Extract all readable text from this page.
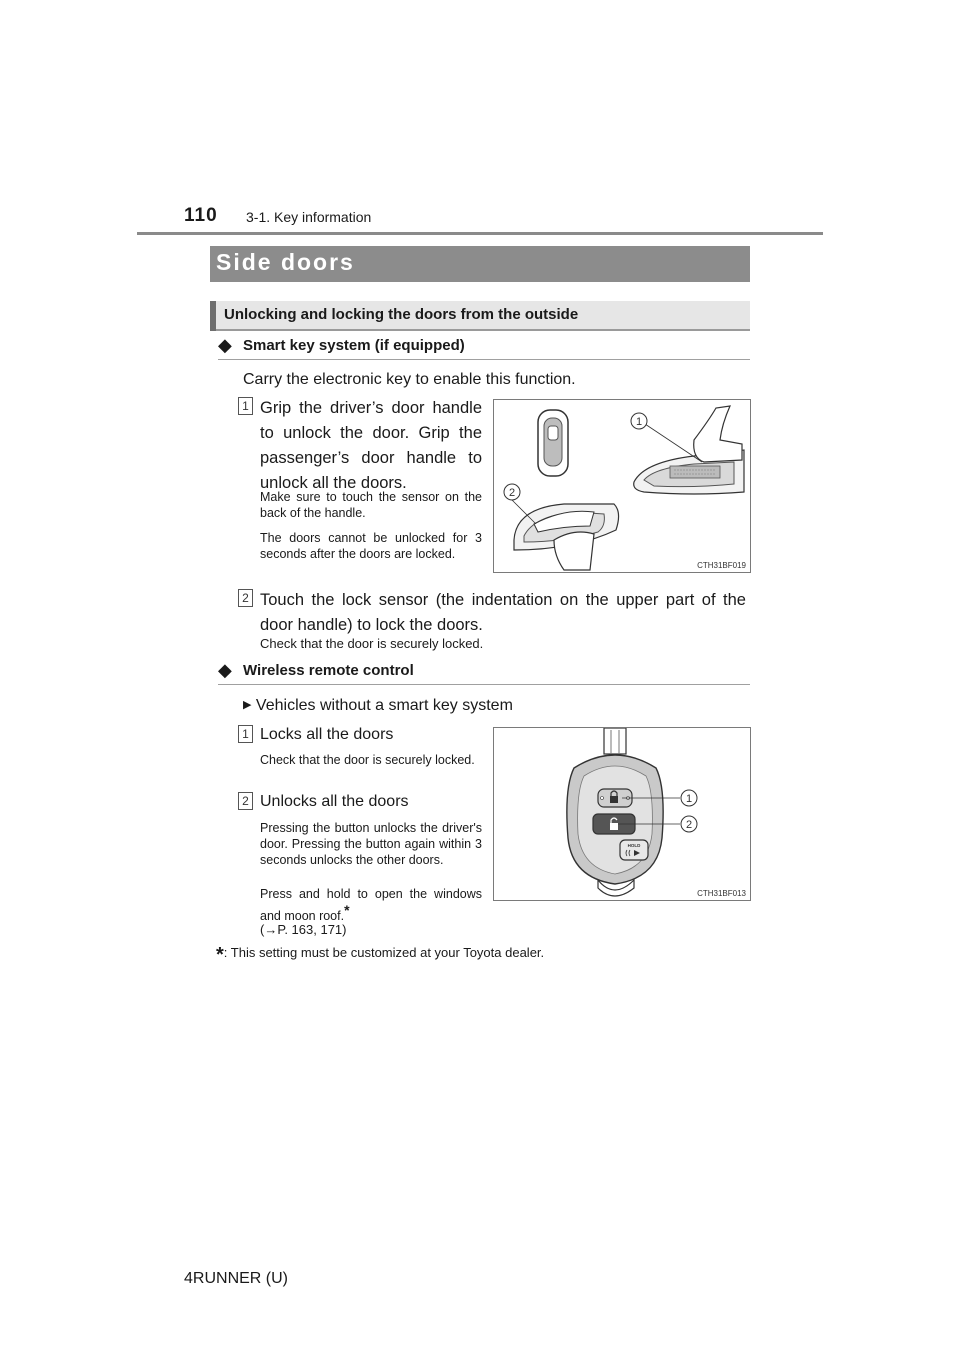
110 3-1. Key information
Side doors
Unlocking and locking the doors from the outside
◆ Smart key system (if equipped)
Carry the electronic key to enable this function.
1 Grip the driver’s door handle to unlock the door. Grip the passenger’s door handle to unlock all the doors.
Make sure to touch the sensor on the back of the handle.
The doors cannot be unlocked for 3 seconds after the doors are locked.
1
2
CTH31BF019
2 Touch the lock sensor (the indentation on the upper part of the door handle) to lock the doors.
Check that the door is securely locked.
◆ Wireless remote control
▶ Vehicles without a smart key system
1 Locks all the doors
Check that the door is securely locked.
2 Unlocks all the doors
Pressing the button unlocks the driver's door. Pressing the button again within 3 seconds unlocks the other doors.
Press and hold to open the windows and moon roof.*
(→P. 163, 171)
HOLD
1
2
CTH31BF013
*: This setting must be customized at your Toyota dealer.
4RUNNER (U)
